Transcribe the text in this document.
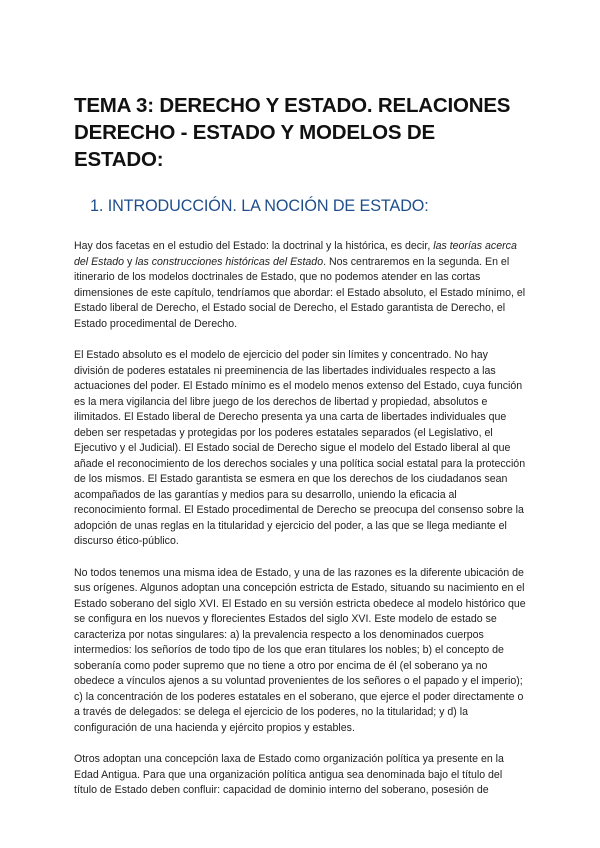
TEMA 3: DERECHO Y ESTADO. RELACIONES DERECHO - ESTADO Y MODELOS DE ESTADO:
1. INTRODUCCIÓN. LA NOCIÓN DE ESTADO:

Hay dos facetas en el estudio del Estado: la doctrinal y la histórica, es decir, las teorías acerca del Estado y las construcciones históricas del Estado. Nos centraremos en la segunda. En el itinerario de los modelos doctrinales de Estado, que no podemos atender en las cortas dimensiones de este capítulo, tendríamos que abordar: el Estado absoluto, el Estado mínimo, el Estado liberal de Derecho, el Estado social de Derecho, el Estado garantista de Derecho, el Estado procedimental de Derecho.

El Estado absoluto es el modelo de ejercicio del poder sin límites y concentrado. No hay división de poderes estatales ni preeminencia de las libertades individuales respecto a las actuaciones del poder. El Estado mínimo es el modelo menos extenso del Estado, cuya función es la mera vigilancia del libre juego de los derechos de libertad y propiedad, absolutos e ilimitados. El Estado liberal de Derecho presenta ya una carta de libertades individuales que deben ser respetadas y protegidas por los poderes estatales separados (el Legislativo, el Ejecutivo y el Judicial). El Estado social de Derecho sigue el modelo del Estado liberal al que añade el reconocimiento de los derechos sociales y una política social estatal para la protección de los mismos. El Estado garantista se esmera en que los derechos de los ciudadanos sean acompañados de las garantías y medios para su desarrollo, uniendo la eficacia al reconocimiento formal. El Estado procedimental de Derecho se preocupa del consenso sobre la adopción de unas reglas en la titularidad y ejercicio del poder, a las que se llega mediante el discurso ético-público.

No todos tenemos una misma idea de Estado, y una de las razones es la diferente ubicación de sus orígenes. Algunos adoptan una concepción estricta de Estado, situando su nacimiento en el Estado soberano del siglo XVI. El Estado en su versión estricta obedece al modelo histórico que se configura en los nuevos y florecientes Estados del siglo XVI. Este modelo de estado se caracteriza por notas singulares: a) la prevalencia respecto a los denominados cuerpos intermedios: los señoríos de todo tipo de los que eran titulares los nobles; b) el concepto de soberanía como poder supremo que no tiene a otro por encima de él (el soberano ya no obedece a vínculos ajenos a su voluntad provenientes de los señores o el papado y el imperio);
c) la concentración de los poderes estatales en el soberano, que ejerce el poder directamente o a través de delegados: se delega el ejercicio de los poderes, no la titularidad; y d) la configuración de una hacienda y ejército propios y estables.

Otros adoptan una concepción laxa de Estado como organización política ya presente en la Edad Antigua. Para que una organización política antigua sea denominada bajo el título del título de Estado deben confluir: capacidad de dominio interno del soberano, posesión de
